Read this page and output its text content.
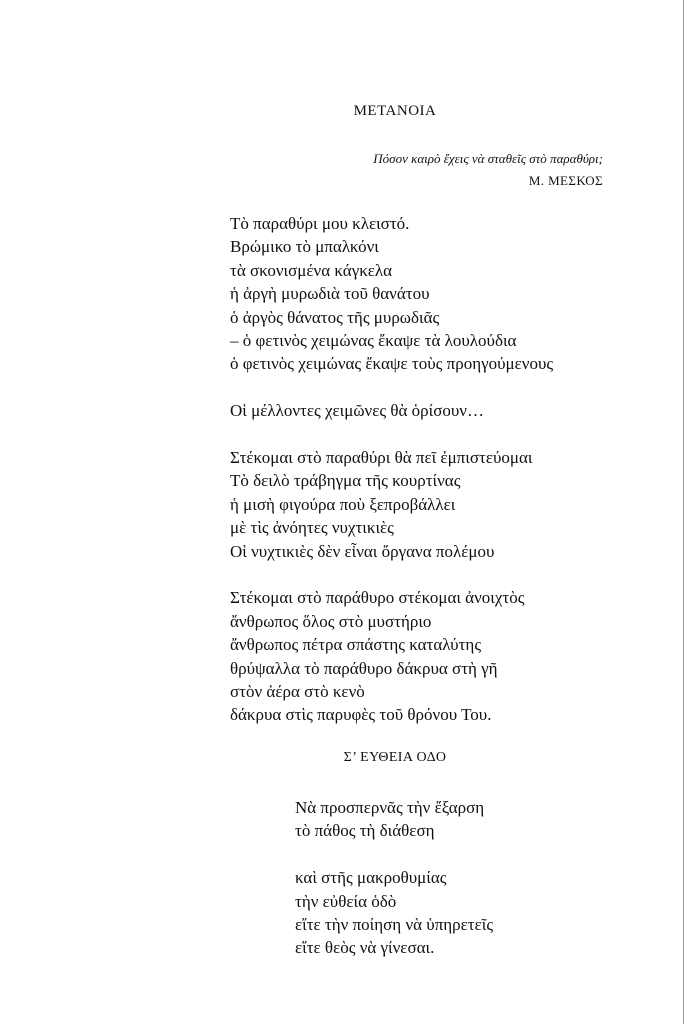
ΜΕΤΑΝΟΙΑ
Πόσον καιρὸ ἔχεις νὰ σταθεῖς στὸ παραθύρι;
Μ. ΜΕΣΚΟΣ
Τὸ παραθύρι μου κλειστό.
Βρώμικο τὸ μπαλκόνι
τὰ σκονισμένα κάγκελα
ἡ ἀργὴ μυρωδιὰ τοῦ θανάτου
ὁ ἀργὸς θάνατος τῆς μυρωδιᾶς
– ὁ φετινὸς χειμώνας ἔκαψε τὰ λουλούδια
ὁ φετινὸς χειμώνας ἔκαψε τοὺς προηγούμενους
Οἱ μέλλοντες χειμῶνες θὰ ὁρίσουν…
Στέκομαι στὸ παραθύρι θὰ πεῖ ἐμπιστεύομαι
Τὸ δειλὸ τράβηγμα τῆς κουρτίνας
ἡ μισὴ φιγούρα ποὺ ξεπροβάλλει
μὲ τὶς ἀνόητες νυχτικιὲς
Οἱ νυχτικιὲς δὲν εἶναι ὄργανα πολέμου
Στέκομαι στὸ παράθυρο στέκομαι ἀνοιχτὸς
ἄνθρωπος ὅλος στὸ μυστήριο
ἄνθρωπος πέτρα σπάστης καταλύτης
θρύψαλλα τὸ παράθυρο δάκρυα στὴ γῆ
στὸν ἀέρα στὸ κενὸ
δάκρυα στὶς παρυφὲς τοῦ θρόνου Του.
Σ’ ΕΥΘΕΙΑ ΟΔΟ
Νὰ προσπερνᾶς τὴν ἔξαρση
τὸ πάθος τὴ διάθεση
καὶ στῆς μακροθυμίας
τὴν εὐθεία ὁδὸ
εἴτε τὴν ποίηση νὰ ὑπηρετεῖς
εἴτε θεὸς νὰ γίνεσαι.
